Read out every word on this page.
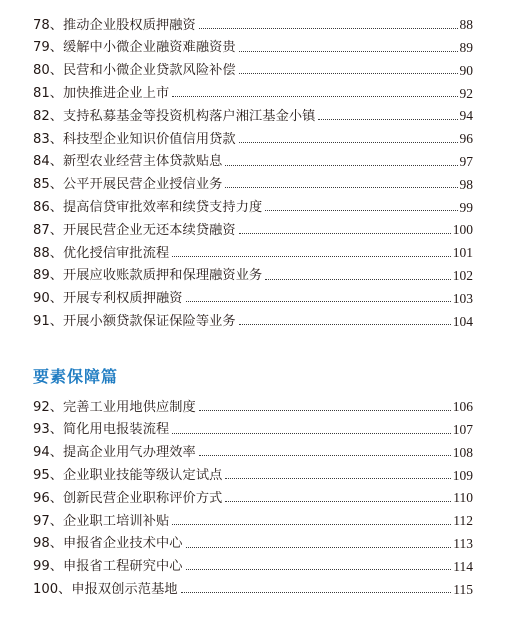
78、 推动企业股权质押融资	88
79、 缓解中小微企业融资难融资贵	89
80、 民营和小微企业贷款风险补偿	90
81、 加快推进企业上市	92
82、 支持私募基金等投资机构落户湘江基金小镇	94
83、 科技型企业知识价值信用贷款	96
84、 新型农业经营主体贷款贴息	97
85、 公平开展民营企业授信业务	98
86、 提高信贷审批效率和续贷支持力度	99
87、 开展民营企业无还本续贷融资	100
88、 优化授信审批流程	101
89、 开展应收账款质押和保理融资业务	102
90、 开展专利权质押融资	103
91、 开展小额贷款保证保险等业务	104
要素保障篇
92、 完善工业用地供应制度	106
93、 简化用电报装流程	107
94、 提高企业用气办理效率	108
95、 企业职业技能等级认定试点	109
96、 创新民营企业职称评价方式	110
97、 企业职工培训补贴	112
98、 申报省企业技术中心	113
99、 申报省工程研究中心	114
100、 申报双创示范基地	115
